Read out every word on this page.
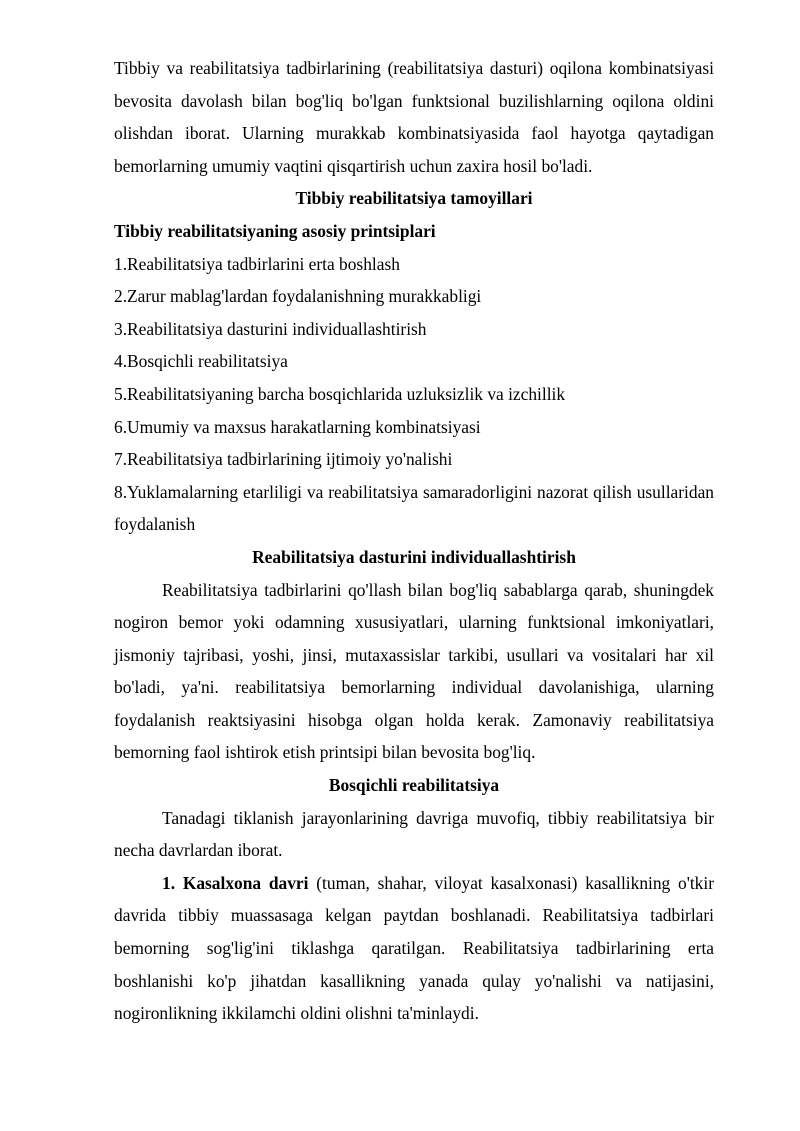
Tibbiy va reabilitatsiya tadbirlarining (reabilitatsiya dasturi) oqilona kombinatsiyasi bevosita davolash bilan bog'liq bo'lgan funktsional buzilishlarning oqilona oldini olishdan iborat. Ularning murakkab kombinatsiyasida faol hayotga qaytadigan bemorlarning umumiy vaqtini qisqartirish uchun zaxira hosil bo'ladi.

Tibbiy reabilitatsiya tamoyillari

Tibbiy reabilitatsiyaning asosiy printsiplari

1.Reabilitatsiya tadbirlarini erta boshlash

2.Zarur mablag'lardan foydalanishning murakkabligi

3.Reabilitatsiya dasturini individuallashtirish

4.Bosqichli reabilitatsiya

5.Reabilitatsiyaning barcha bosqichlarida uzluksizlik va izchillik

6.Umumiy va maxsus harakatlarning kombinatsiyasi

7.Reabilitatsiya tadbirlarining ijtimoiy yo'nalishi

8.Yuklamalarning etarliligi va reabilitatsiya samaradorligini nazorat qilish usullaridan foydalanish

Reabilitatsiya dasturini individuallashtirish

Reabilitatsiya tadbirlarini qo'llash bilan bog'liq sabablarga qarab, shuningdek nogiron bemor yoki odamning xususiyatlari, ularning funktsional imkoniyatlari, jismoniy tajribasi, yoshi, jinsi, mutaxassislar tarkibi, usullari va vositalari har xil bo'ladi, ya'ni. reabilitatsiya bemorlarning individual davolanishiga, ularning foydalanish reaktsiyasini hisobga olgan holda kerak. Zamonaviy reabilitatsiya bemorning faol ishtirok etish printsipi bilan bevosita bog'liq.

Bosqichli reabilitatsiya

Tanadagi tiklanish jarayonlarining davriga muvofiq, tibbiy reabilitatsiya bir necha davrlardan iborat.

1. Kasalxona davri (tuman, shahar, viloyat kasalxonasi) kasallikning o'tkir davrida tibbiy muassasaga kelgan paytdan boshlanadi. Reabilitatsiya tadbirlari bemorning sog'lig'ini tiklashga qaratilgan. Reabilitatsiya tadbirlarining erta boshlanishi ko'p jihatdan kasallikning yanada qulay yo'nalishi va natijasini, nogironlikning ikkilamchi oldini olishni ta'minlaydi.
